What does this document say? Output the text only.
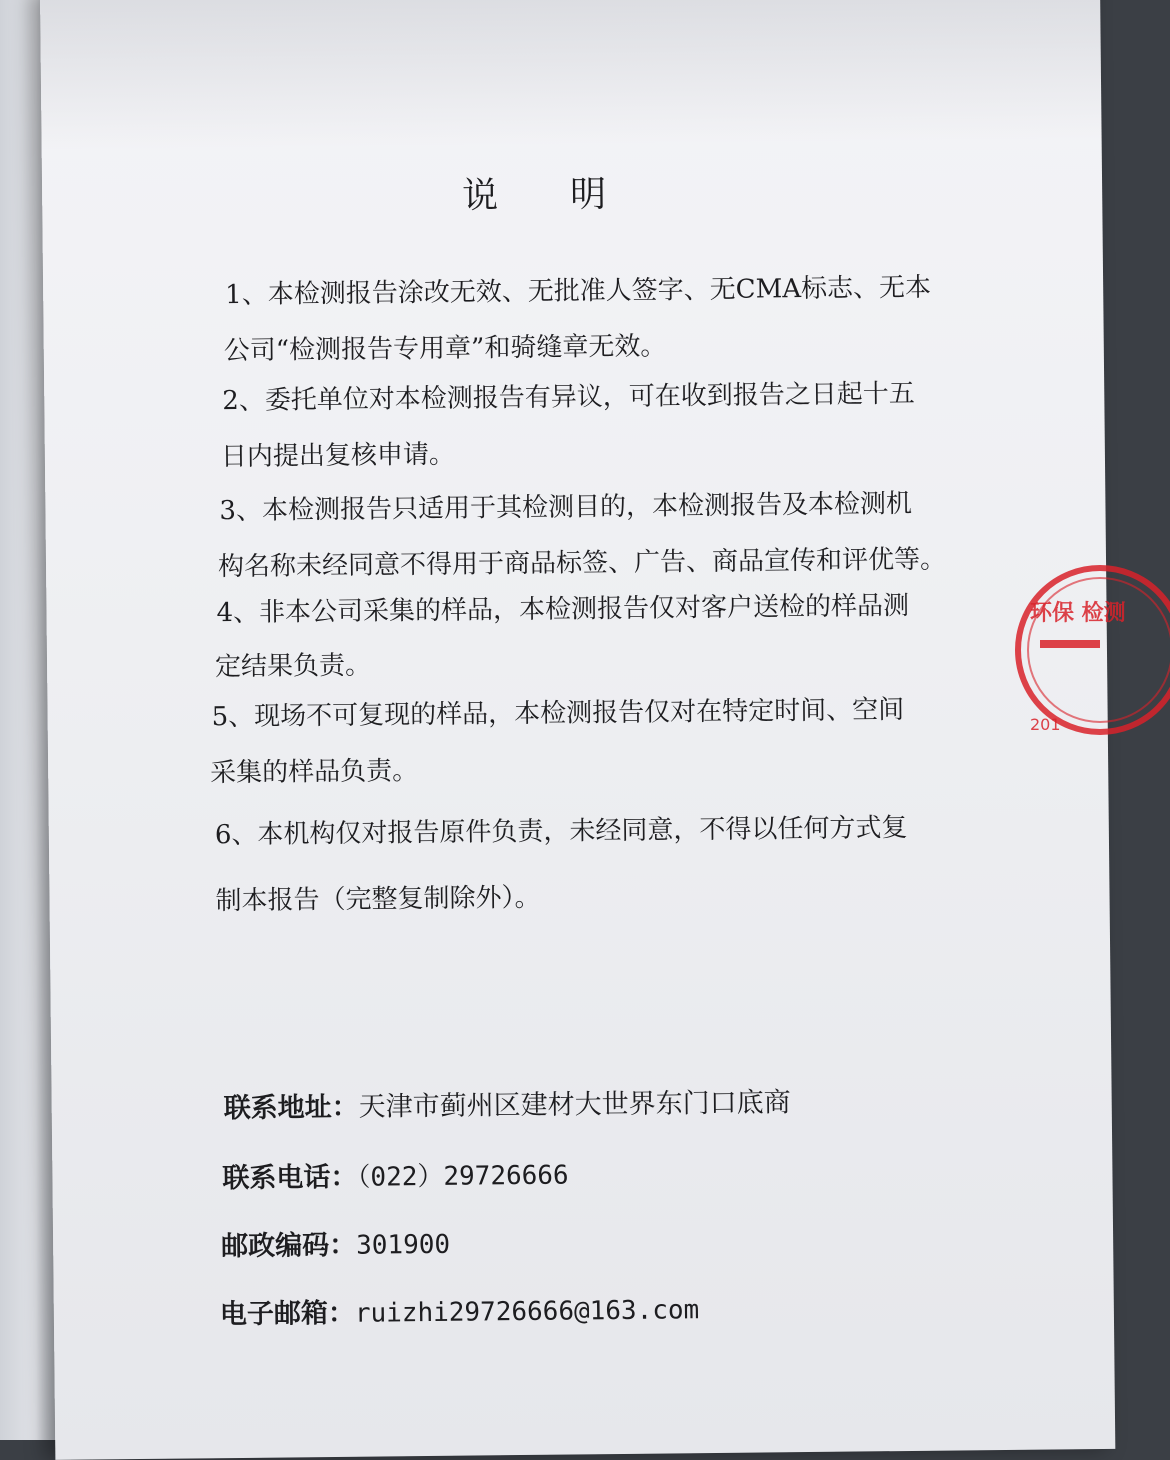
说 明
1、本检测报告涂改无效、无批准人签字、无CMA标志、无本
公司“检测报告专用章”和骑缝章无效。
2、委托单位对本检测报告有异议，可在收到报告之日起十五
日内提出复核申请。
3、本检测报告只适用于其检测目的，本检测报告及本检测机
构名称未经同意不得用于商品标签、广告、商品宣传和评优等。
4、非本公司采集的样品，本检测报告仅对客户送检的样品测
定结果负责。
5、现场不可复现的样品，本检测报告仅对在特定时间、空间
采集的样品负责。
6、本机构仅对报告原件负责，未经同意，不得以任何方式复
制本报告（完整复制除外）。
联系地址：天津市蓟州区建材大世界东门口底商
联系电话：（022）29726666
邮政编码：301900
电子邮箱：ruizhi29726666@163.com
环保 检测
201
